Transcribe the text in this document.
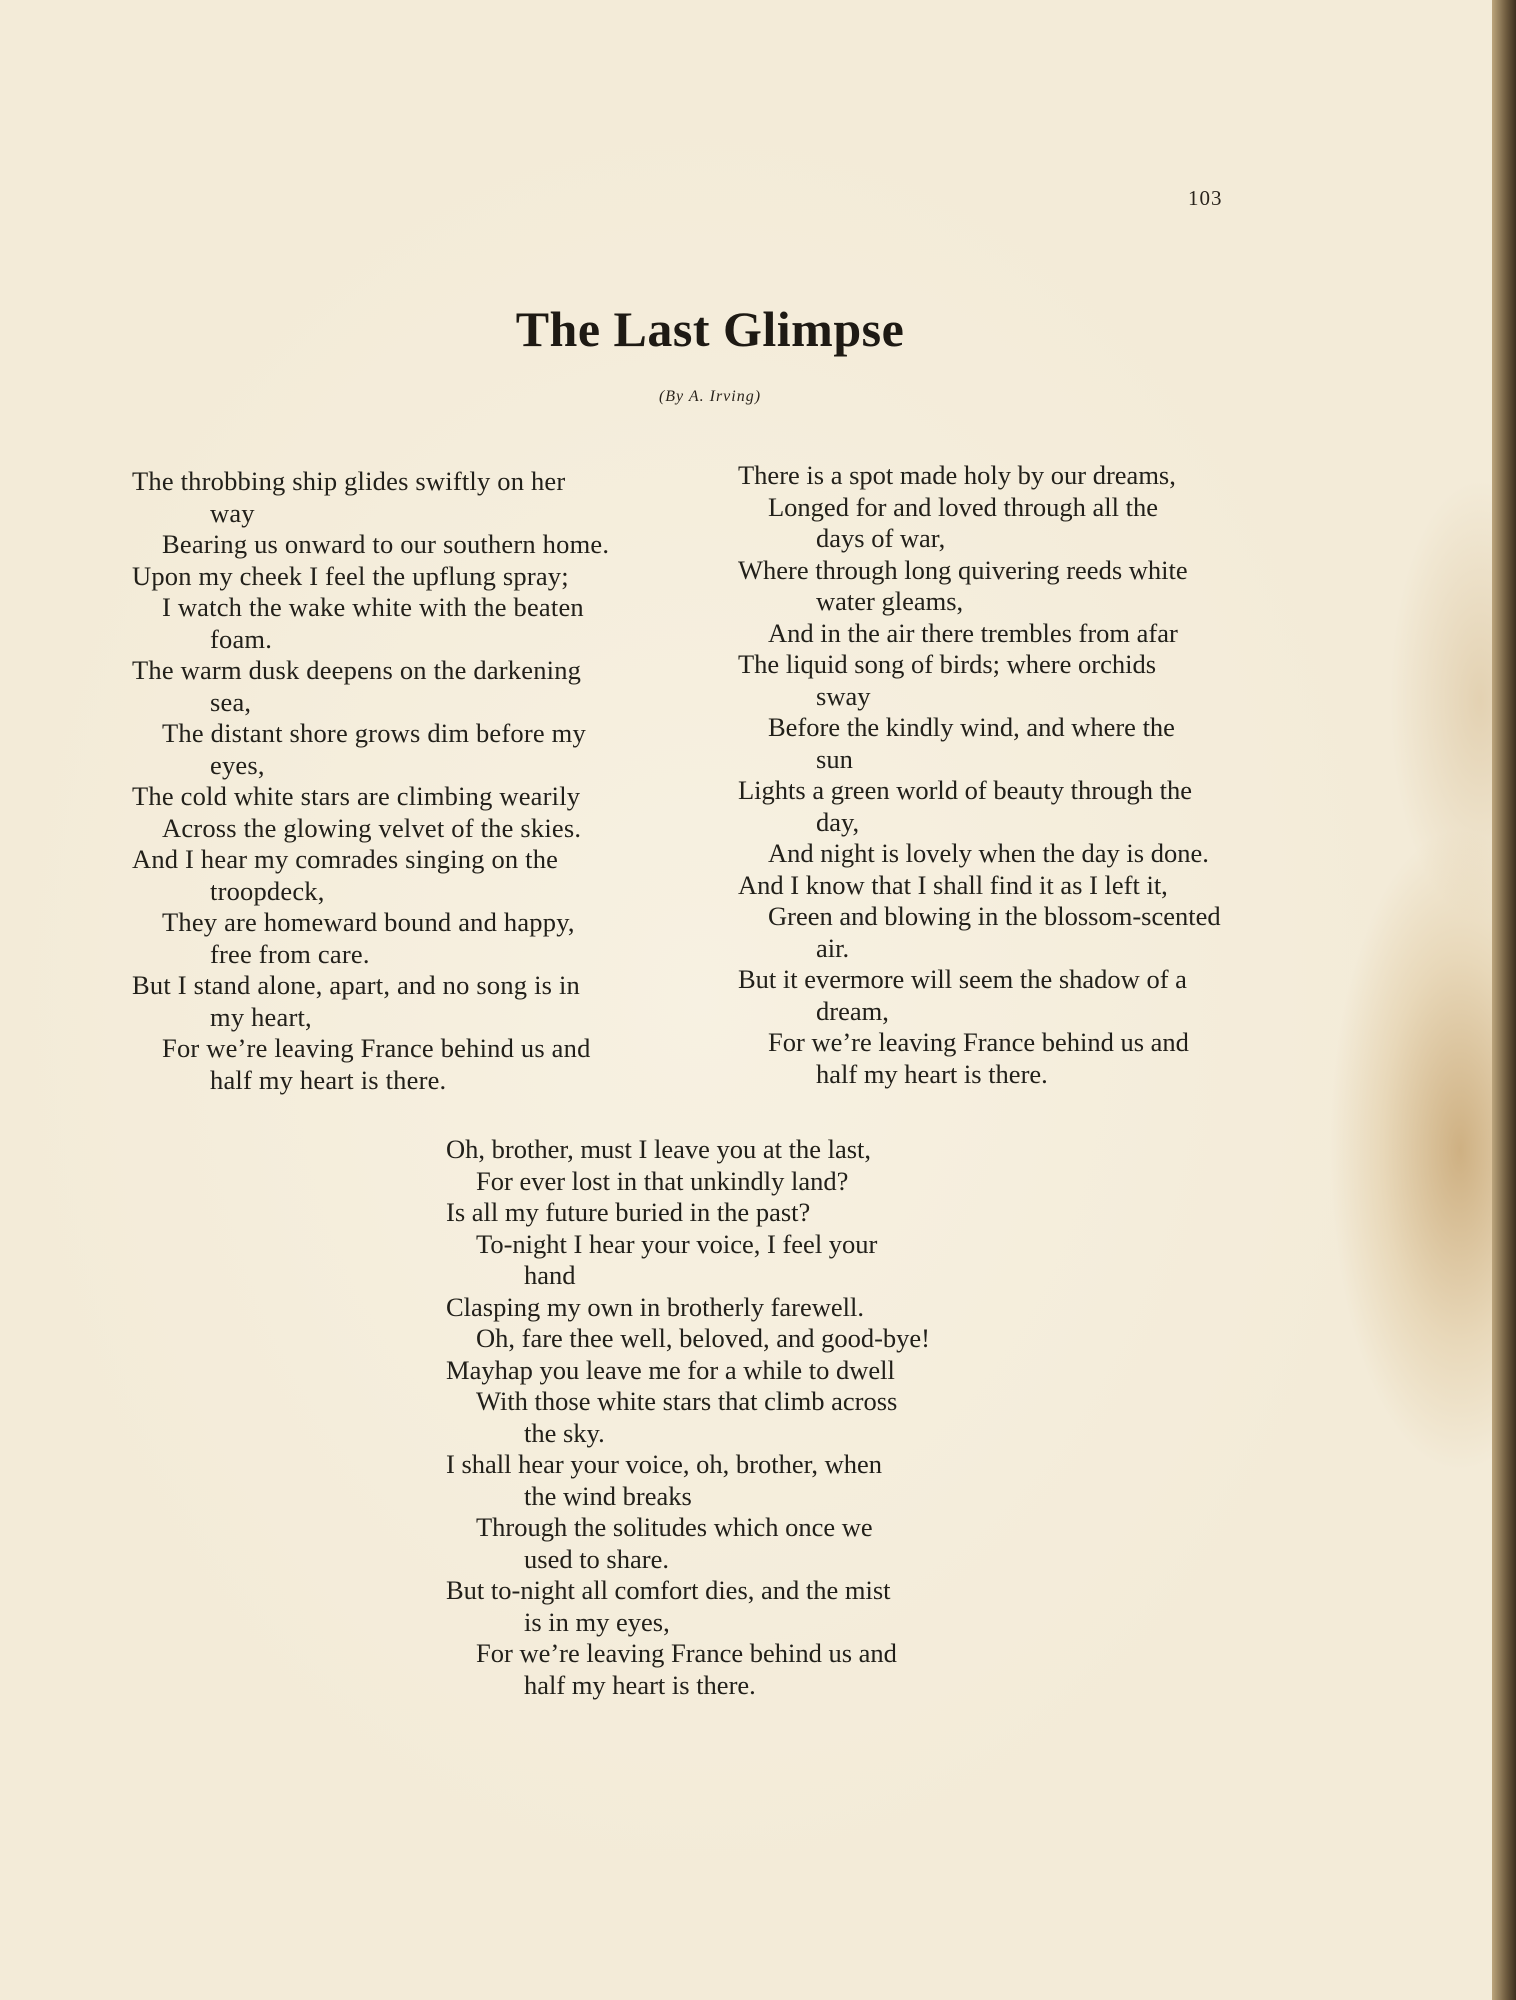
103
The Last Glimpse
(By A. Irving)
The throbbing ship glides swiftly on her
way
Bearing us onward to our southern home.
Upon my cheek I feel the upflung spray;
I watch the wake white with the beaten
foam.
The warm dusk deepens on the darkening
sea,
The distant shore grows dim before my
eyes,
The cold white stars are climbing wearily
Across the glowing velvet of the skies.
And I hear my comrades singing on the
troopdeck,
They are homeward bound and happy,
free from care.
But I stand alone, apart, and no song is in
my heart,
For we’re leaving France behind us and
half my heart is there.
There is a spot made holy by our dreams,
Longed for and loved through all the
days of war,
Where through long quivering reeds white
water gleams,
And in the air there trembles from afar
The liquid song of birds; where orchids
sway
Before the kindly wind, and where the
sun
Lights a green world of beauty through the
day,
And night is lovely when the day is done.
And I know that I shall find it as I left it,
Green and blowing in the blossom-scented
air.
But it evermore will seem the shadow of a
dream,
For we’re leaving France behind us and
half my heart is there.
Oh, brother, must I leave you at the last,
For ever lost in that unkindly land?
Is all my future buried in the past?
To-night I hear your voice, I feel your
hand
Clasping my own in brotherly farewell.
Oh, fare thee well, beloved, and good-bye!
Mayhap you leave me for a while to dwell
With those white stars that climb across
the sky.
I shall hear your voice, oh, brother, when
the wind breaks
Through the solitudes which once we
used to share.
But to-night all comfort dies, and the mist
is in my eyes,
For we’re leaving France behind us and
half my heart is there.
